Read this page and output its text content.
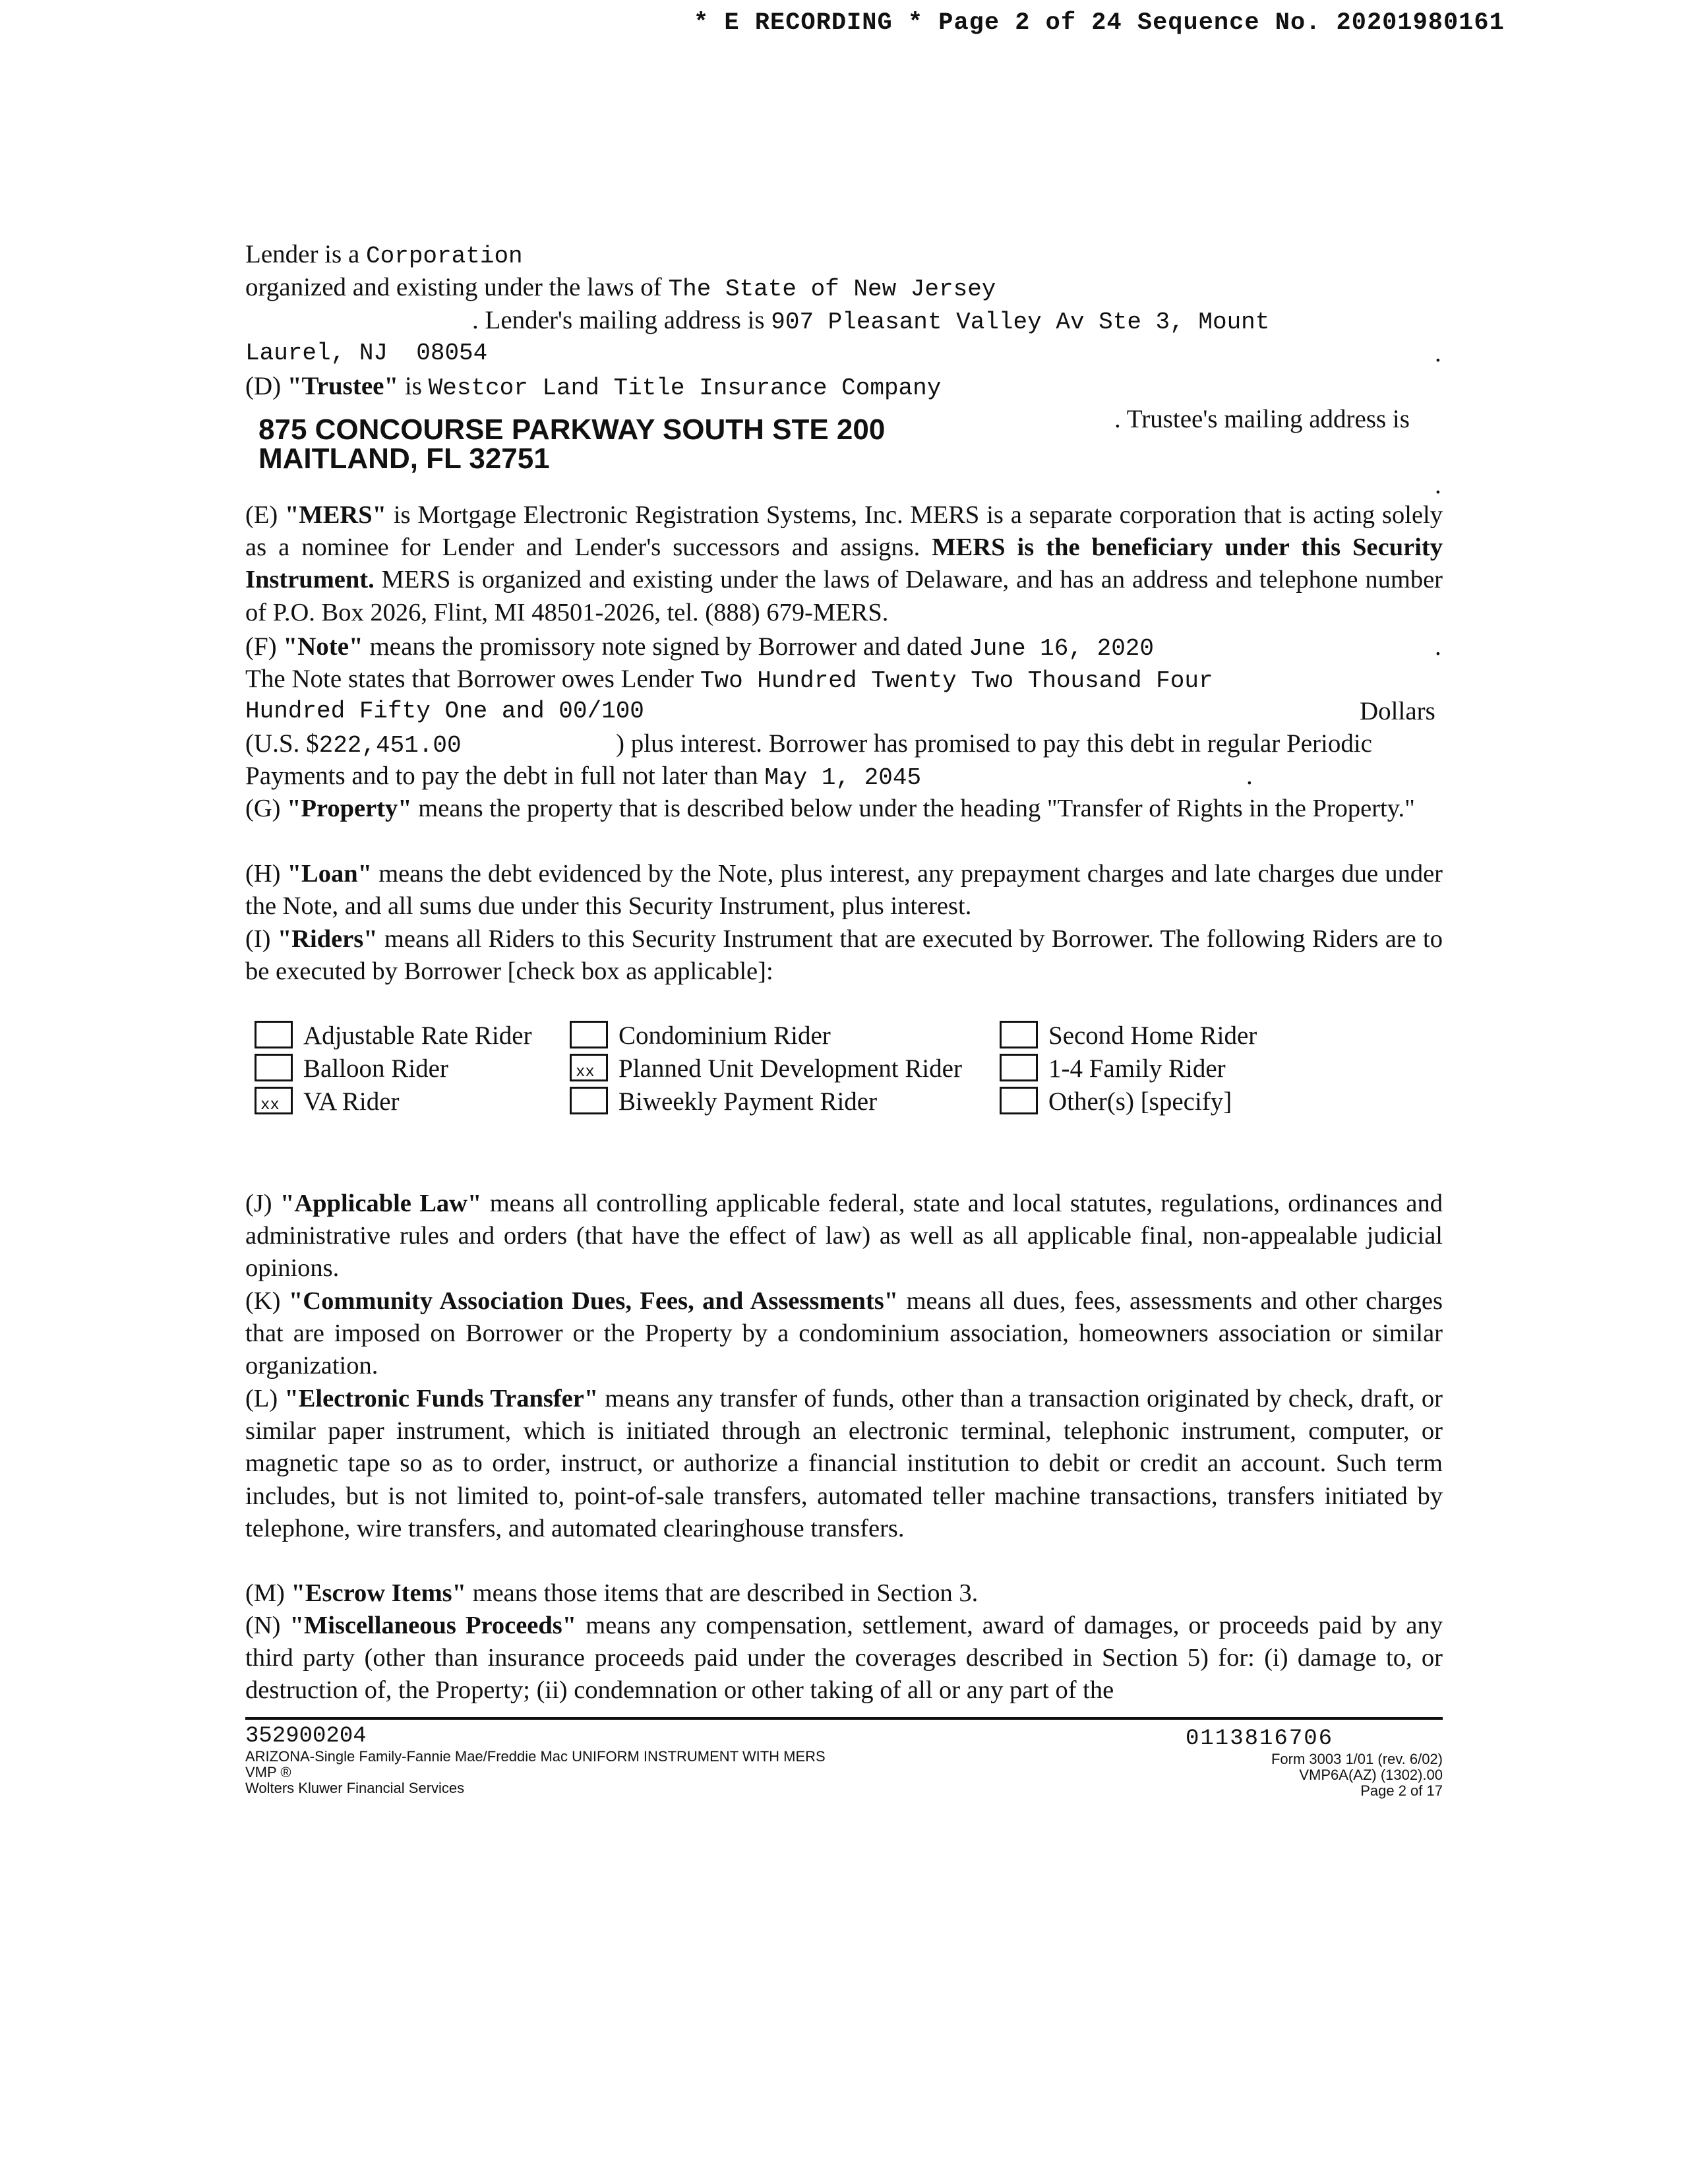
* E RECORDING * Page 2 of 24 Sequence No. 20201980161
Lender is a Corporation
organized and existing under the laws of The State of New Jersey
. Lender's mailing address is 907 Pleasant Valley Av Ste 3, Mount
Laurel, NJ  08054	.
(D) "Trustee" is Westcor Land Title Insurance Company
. Trustee's mailing address is
875 CONCOURSE PARKWAY SOUTH STE 200
MAITLAND, FL 32751
.

(E) "MERS" is Mortgage Electronic Registration Systems, Inc. MERS is a separate corporation that is acting solely as a nominee for Lender and Lender's successors and assigns. MERS is the beneficiary under this Security Instrument. MERS is organized and existing under the laws of Delaware, and has an address and telephone number of P.O. Box 2026, Flint, MI 48501-2026, tel. (888) 679-MERS.

(F) "Note" means the promissory note signed by Borrower and dated June 16, 2020	.
The Note states that Borrower owes Lender Two Hundred Twenty Two Thousand Four
Hundred Fifty One and 00/100	Dollars
(U.S. $222,451.00	) plus interest. Borrower has promised to pay this debt in regular Periodic
Payments and to pay the debt in full not later than May 1, 2045	.

(G) "Property" means the property that is described below under the heading "Transfer of Rights in the Property."

(H) "Loan" means the debt evidenced by the Note, plus interest, any prepayment charges and late charges due under the Note, and all sums due under this Security Instrument, plus interest.

(I) "Riders" means all Riders to this Security Instrument that are executed by Borrower. The following Riders are to be executed by Borrower [check box as applicable]:

Adjustable Rate Rider	Condominium Rider	Second Home Rider
Balloon Rider	xx Planned Unit Development Rider	1-4 Family Rider
xx VA Rider	Biweekly Payment Rider	Other(s) [specify]

(J) "Applicable Law" means all controlling applicable federal, state and local statutes, regulations, ordinances and administrative rules and orders (that have the effect of law) as well as all applicable final, non-appealable judicial opinions.

(K) "Community Association Dues, Fees, and Assessments" means all dues, fees, assessments and other charges that are imposed on Borrower or the Property by a condominium association, homeowners association or similar organization.

(L) "Electronic Funds Transfer" means any transfer of funds, other than a transaction originated by check, draft, or similar paper instrument, which is initiated through an electronic terminal, telephonic instrument, computer, or magnetic tape so as to order, instruct, or authorize a financial institution to debit or credit an account. Such term includes, but is not limited to, point-of-sale transfers, automated teller machine transactions, transfers initiated by telephone, wire transfers, and automated clearinghouse transfers.

(M) "Escrow Items" means those items that are described in Section 3.

(N) "Miscellaneous Proceeds" means any compensation, settlement, award of damages, or proceeds paid by any third party (other than insurance proceeds paid under the coverages described in Section 5) for: (i) damage to, or destruction of, the Property; (ii) condemnation or other taking of all or any part of the

352900204
ARIZONA-Single Family-Fannie Mae/Freddie Mac UNIFORM INSTRUMENT WITH MERS
VMP ®
Wolters Kluwer Financial Services
0113816706
Form 3003 1/01 (rev. 6/02)
VMP6A(AZ) (1302).00
Page 2 of 17
